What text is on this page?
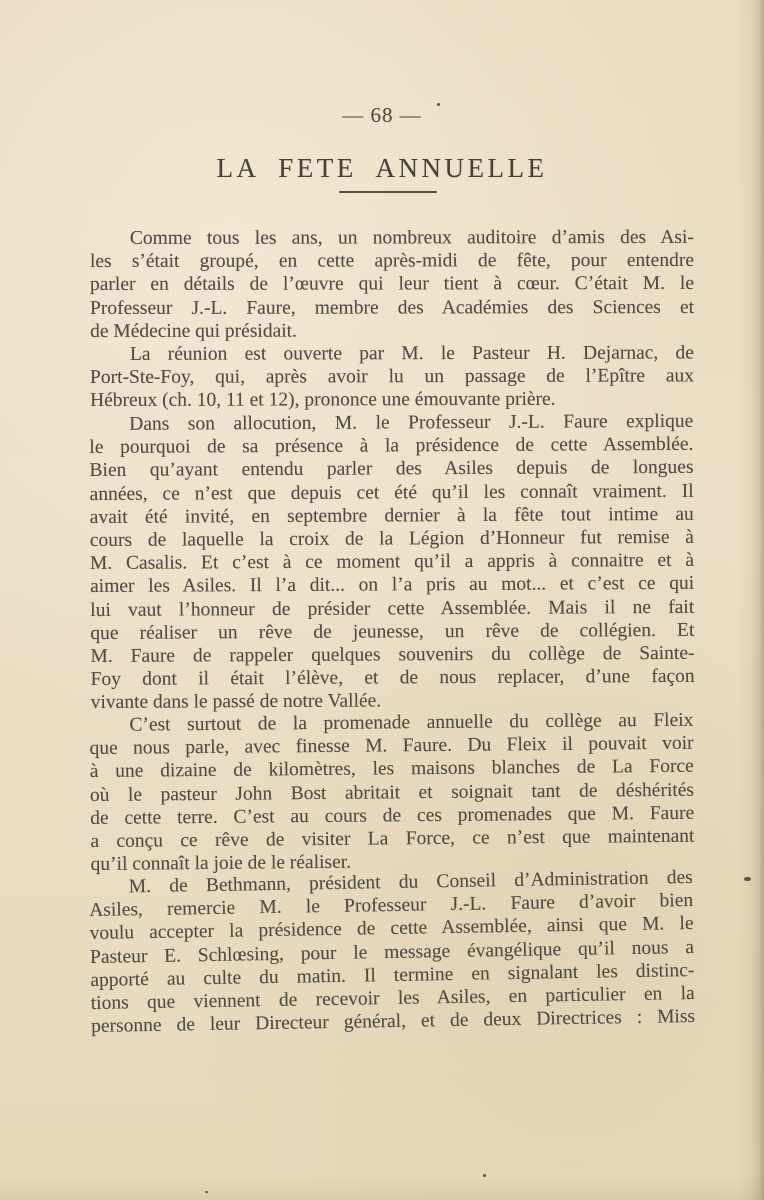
— 68 —
LA FETE ANNUELLE
Comme tous les ans, un nombreux auditoire d’amis des Asi-
les s’était groupé, en cette après-midi de fête, pour entendre
parler en détails de l’œuvre qui leur tient à cœur. C’était M. le
Professeur J.-L. Faure, membre des Académies des Sciences et
de Médecine qui présidait.
La réunion est ouverte par M. le Pasteur H. Dejarnac, de
Port-Ste-Foy, qui, après avoir lu un passage de l’Epître aux
Hébreux (ch. 10, 11 et 12), prononce une émouvante prière.
Dans son allocution, M. le Professeur J.-L. Faure explique
le pourquoi de sa présence à la présidence de cette Assemblée.
Bien qu’ayant entendu parler des Asiles depuis de longues
années, ce n’est que depuis cet été qu’il les connaît vraiment. Il
avait été invité, en septembre dernier à la fête tout intime au
cours de laquelle la croix de la Légion d’Honneur fut remise à
M. Casalis. Et c’est à ce moment qu’il a appris à connaitre et à
aimer les Asiles. Il l’a dit... on l’a pris au mot... et c’est ce qui
lui vaut l’honneur de présider cette Assemblée. Mais il ne fait
que réaliser un rêve de jeunesse, un rêve de collégien. Et
M. Faure de rappeler quelques souvenirs du collège de Sainte-
Foy dont il était l’élève, et de nous replacer, d’une façon
vivante dans le passé de notre Vallée.
C’est surtout de la promenade annuelle du collège au Fleix
que nous parle, avec finesse M. Faure. Du Fleix il pouvait voir
à une dizaine de kilomètres, les maisons blanches de La Force
où le pasteur John Bost abritait et soignait tant de déshérités
de cette terre. C’est au cours de ces promenades que M. Faure
a conçu ce rêve de visiter La Force, ce n’est que maintenant
qu’il connaît la joie de le réaliser.
M. de Bethmann, président du Conseil d’Administration des
Asiles, remercie M. le Professeur J.-L. Faure d’avoir bien
voulu accepter la présidence de cette Assemblée, ainsi que M. le
Pasteur E. Schlœsing, pour le message évangélique qu’il nous a
apporté au culte du matin. Il termine en signalant les distinc-
tions que viennent de recevoir les Asiles, en particulier en la
personne de leur Directeur général, et de deux Directrices : Miss
